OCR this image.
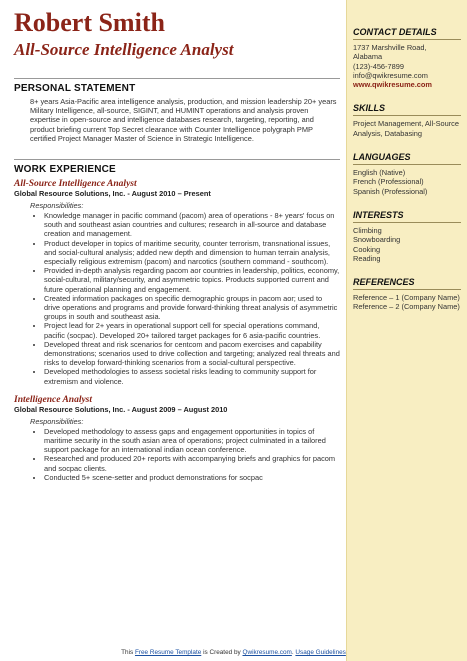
Robert Smith
All-Source Intelligence Analyst
PERSONAL STATEMENT
8+ years Asia-Pacific area intelligence analysis, production, and mission leadership 20+ years Military Intelligence, all-source, SIGINT, and HUMINT operations and analysis proven expertise in open-source and intelligence databases research, targeting, reporting, and product briefing current Top Secret clearance with Counter Intelligence polygraph PMP certified Project Manager Master of Science in Strategic Intelligence.
WORK EXPERIENCE
All-Source Intelligence Analyst
Global Resource Solutions, Inc. - August 2010 – Present
Responsibilities:
• Knowledge manager in pacific command (pacom) area of operations - 8+ years' focus on south and southeast asian countries and cultures; research in all-source and database creation and management.
• Product developer in topics of maritime security, counter terrorism, transnational issues, and social-cultural analysis; added new depth and dimension to human terrain analysis, especially religious extremism (pacom) and narcotics (southern command - southcom).
• Provided in-depth analysis regarding pacom aor countries in leadership, politics, economy, social-cultural, military/security, and asymmetric topics. Products supported current and future operational planning and engagement.
• Created information packages on specific demographic groups in pacom aor; used to drive operations and programs and provide forward-thinking threat analysis of asymmetric groups in south and southeast asia.
• Project lead for 2+ years in operational support cell for special operations command, pacific (socpac). Developed 20+ tailored target packages for 6 asia-pacific countries.
• Developed threat and risk scenarios for centcom and pacom exercises and capability demonstrations; scenarios used to drive collection and targeting; analyzed real threats and risks to develop forward-thinking scenarios from a social-cultural perspective.
• Developed methodologies to assess societal risks leading to community support for extremism and violence.
Intelligence Analyst
Global Resource Solutions, Inc. - August 2009 – August 2010
Responsibilities:
• Developed methodology to assess gaps and engagement opportunities in topics of maritime security in the south asian area of operations; project culminated in a tailored support package for an international indian ocean conference.
• Researched and produced 20+ reports with accompanying briefs and graphics for pacom and socpac clients.
• Conducted 5+ scene-setter and product demonstrations for socpac
CONTACT DETAILS
1737 Marshville Road,
Alabama
(123)-456-7899
info@qwikresume.com
www.qwikresume.com
SKILLS
Project Management, All-Source Analysis, Databasing
LANGUAGES
English (Native)
French (Professional)
Spanish (Professional)
INTERESTS
Climbing
Snowboarding
Cooking
Reading
REFERENCES
Reference – 1 (Company Name)
Reference – 2 (Company Name)
This Free Resume Template is Created by Qwikresume.com. Usage Guidelines
